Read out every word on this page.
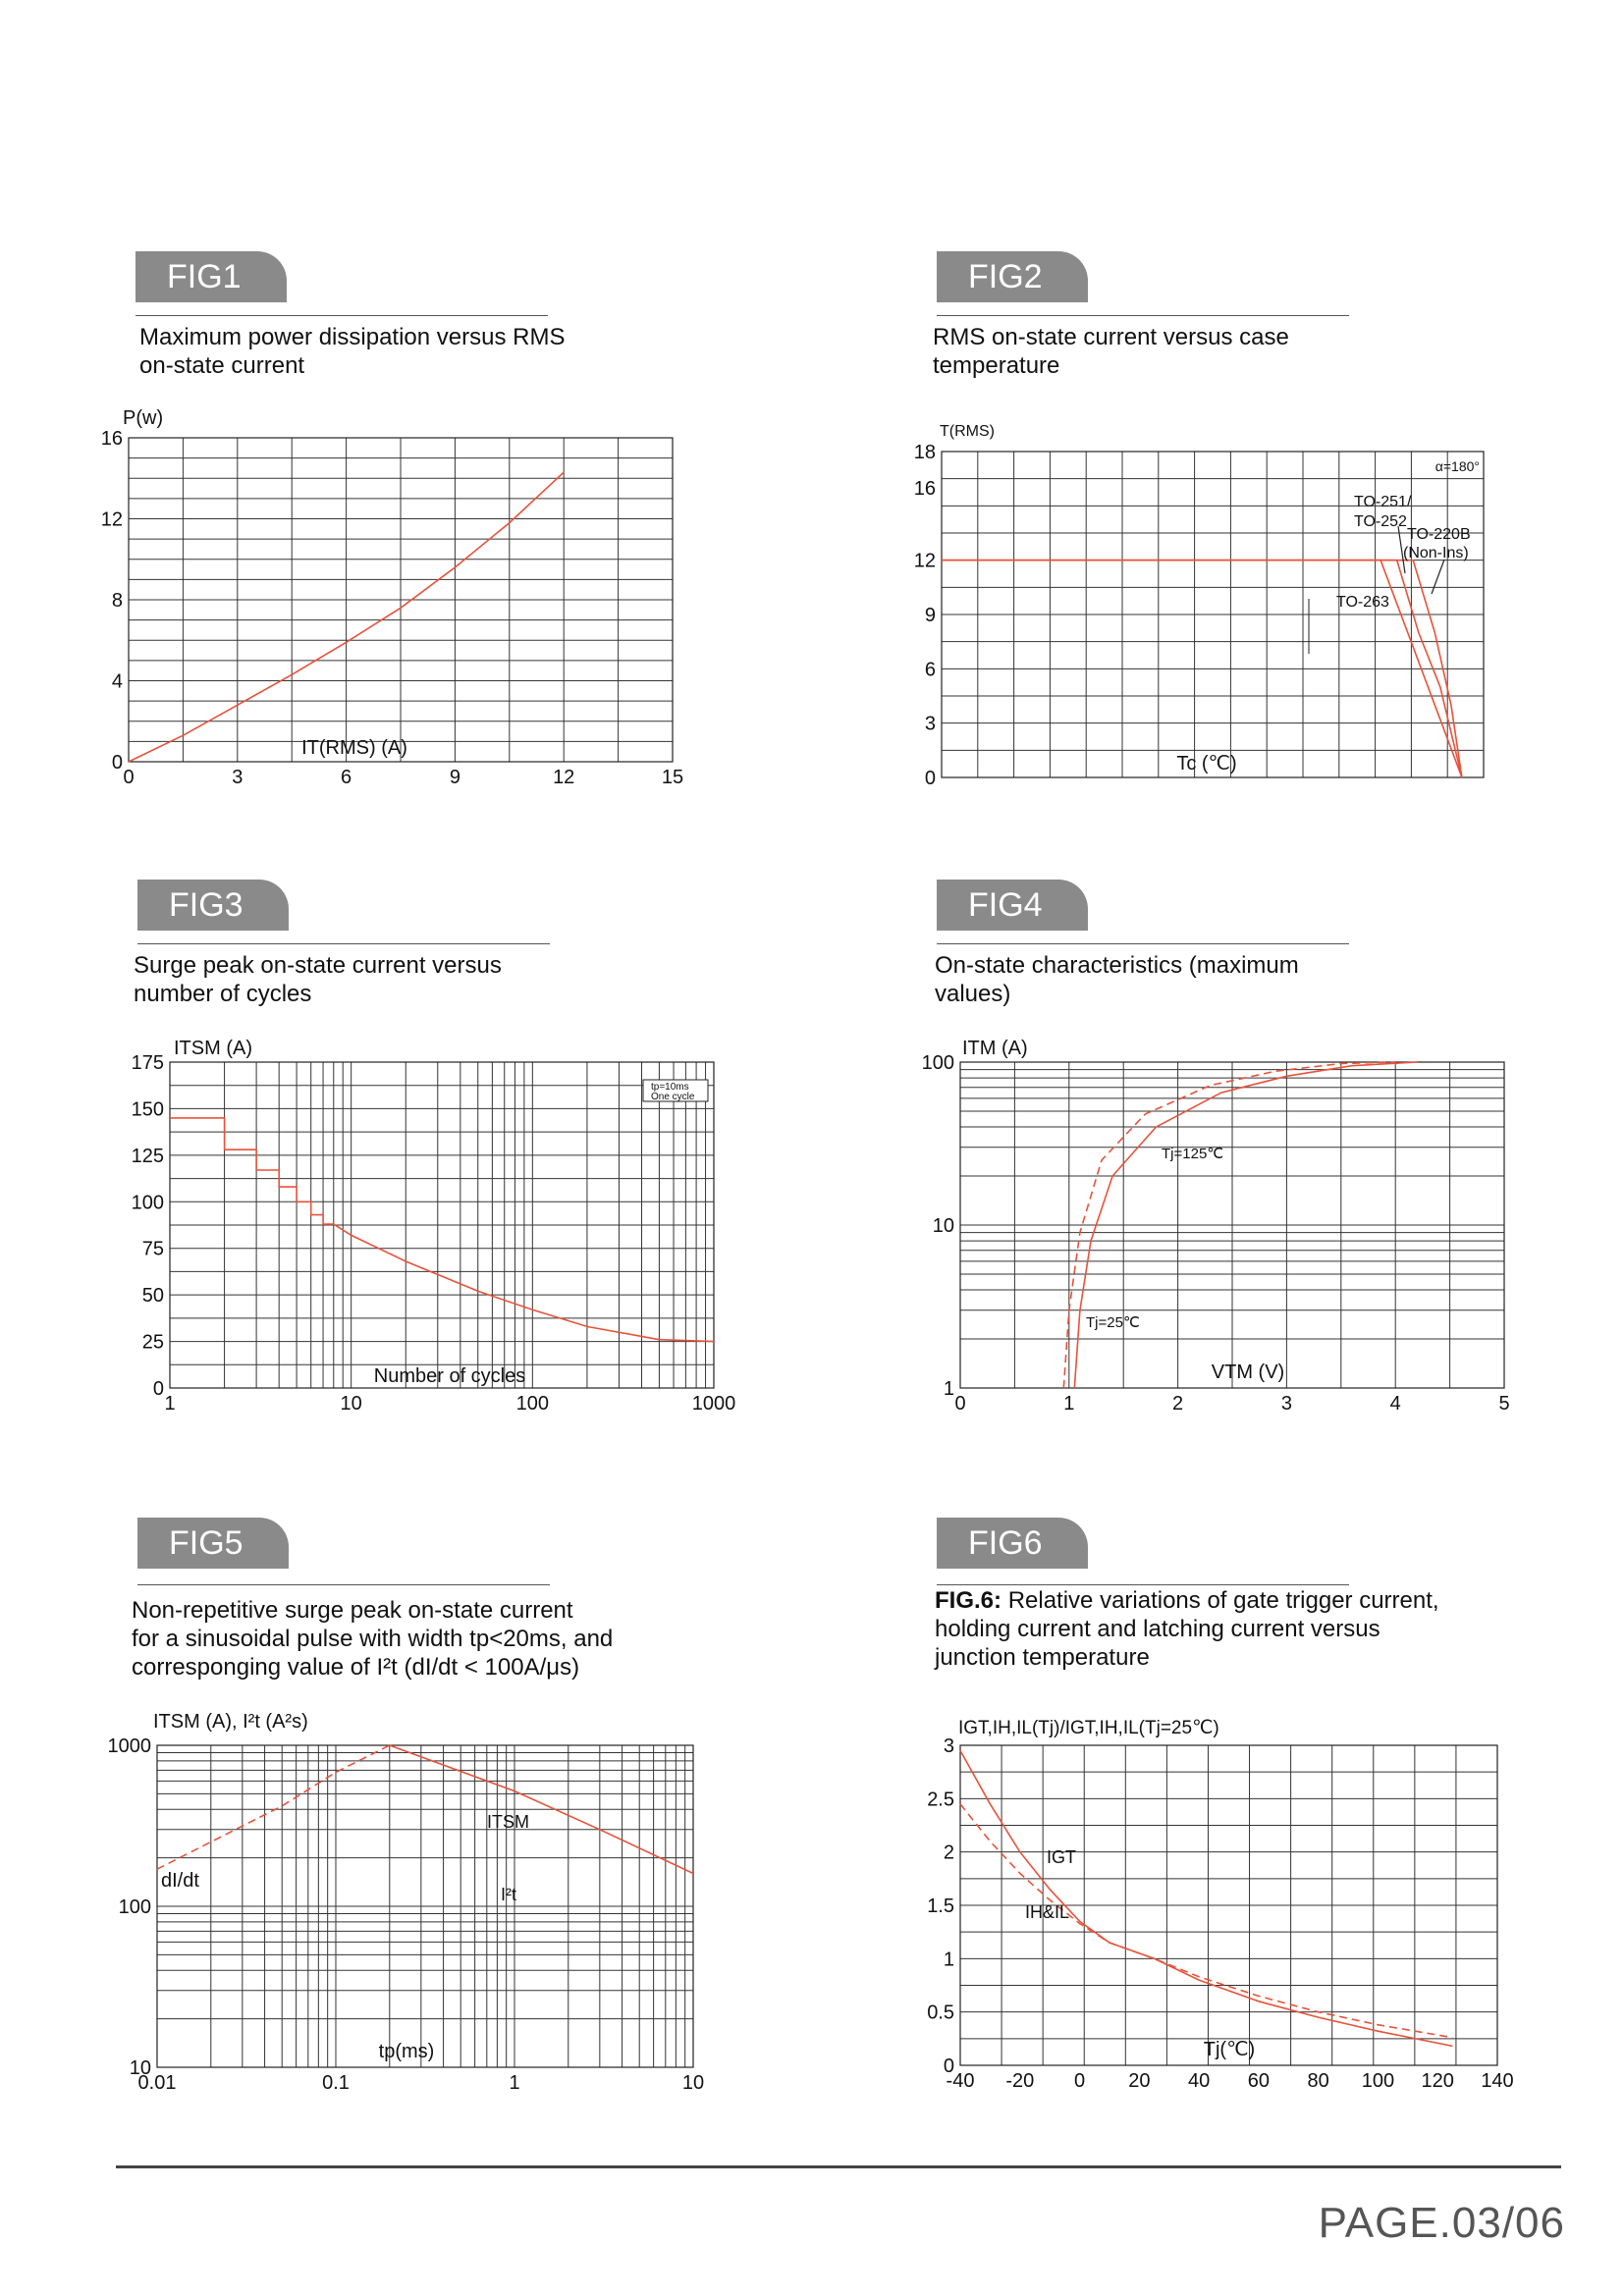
FIG1
Maximum power dissipation versus RMS
on-state current
FIG2
RMS on-state current versus case
temperature
FIG3
Surge peak on-state current versus
number of cycles
FIG4
On-state characteristics (maximum
values)
FIG5
Non-repetitive surge peak on-state current
for a sinusoidal pulse with width tp<20ms, and
corresponging value of I²t (dI/dt < 100A/μs)
FIG6
FIG.6: Relative variations of gate trigger current,
holding current and latching current versus
junction temperature
0	3	6	9	12	15
0
4
8
12
16
P(w)
IT(RMS) (A)
0
3
6
9
12
16
18
T(RMS)
Tc (℃)
α=180°
TO-251/
TO-252
TO-220B
(Non-Ins)
TO-263
1	10	100	1000
0
25
50
75
100
125
150
175
ITSM (A)
Number of cycles
tp=10ms
One cycle
0	1	2	3	4	5
1
10
100
ITM (A)
VTM (V)
Tj=125℃
Tj=25℃
0.01	0.1	1	10
10
100
1000
ITSM (A), I²t (A²s)
tp(ms)
dI/dt
ITSM
I²t
-40 -20 0 20 40 60 80 100 120 140
0
0.5
1
1.5
2
2.5
3
IGT,IH,IL(Tj)/IGT,IH,IL(Tj=25℃)
Tj(℃)
IGT
IH&IL
PAGE.03/06
